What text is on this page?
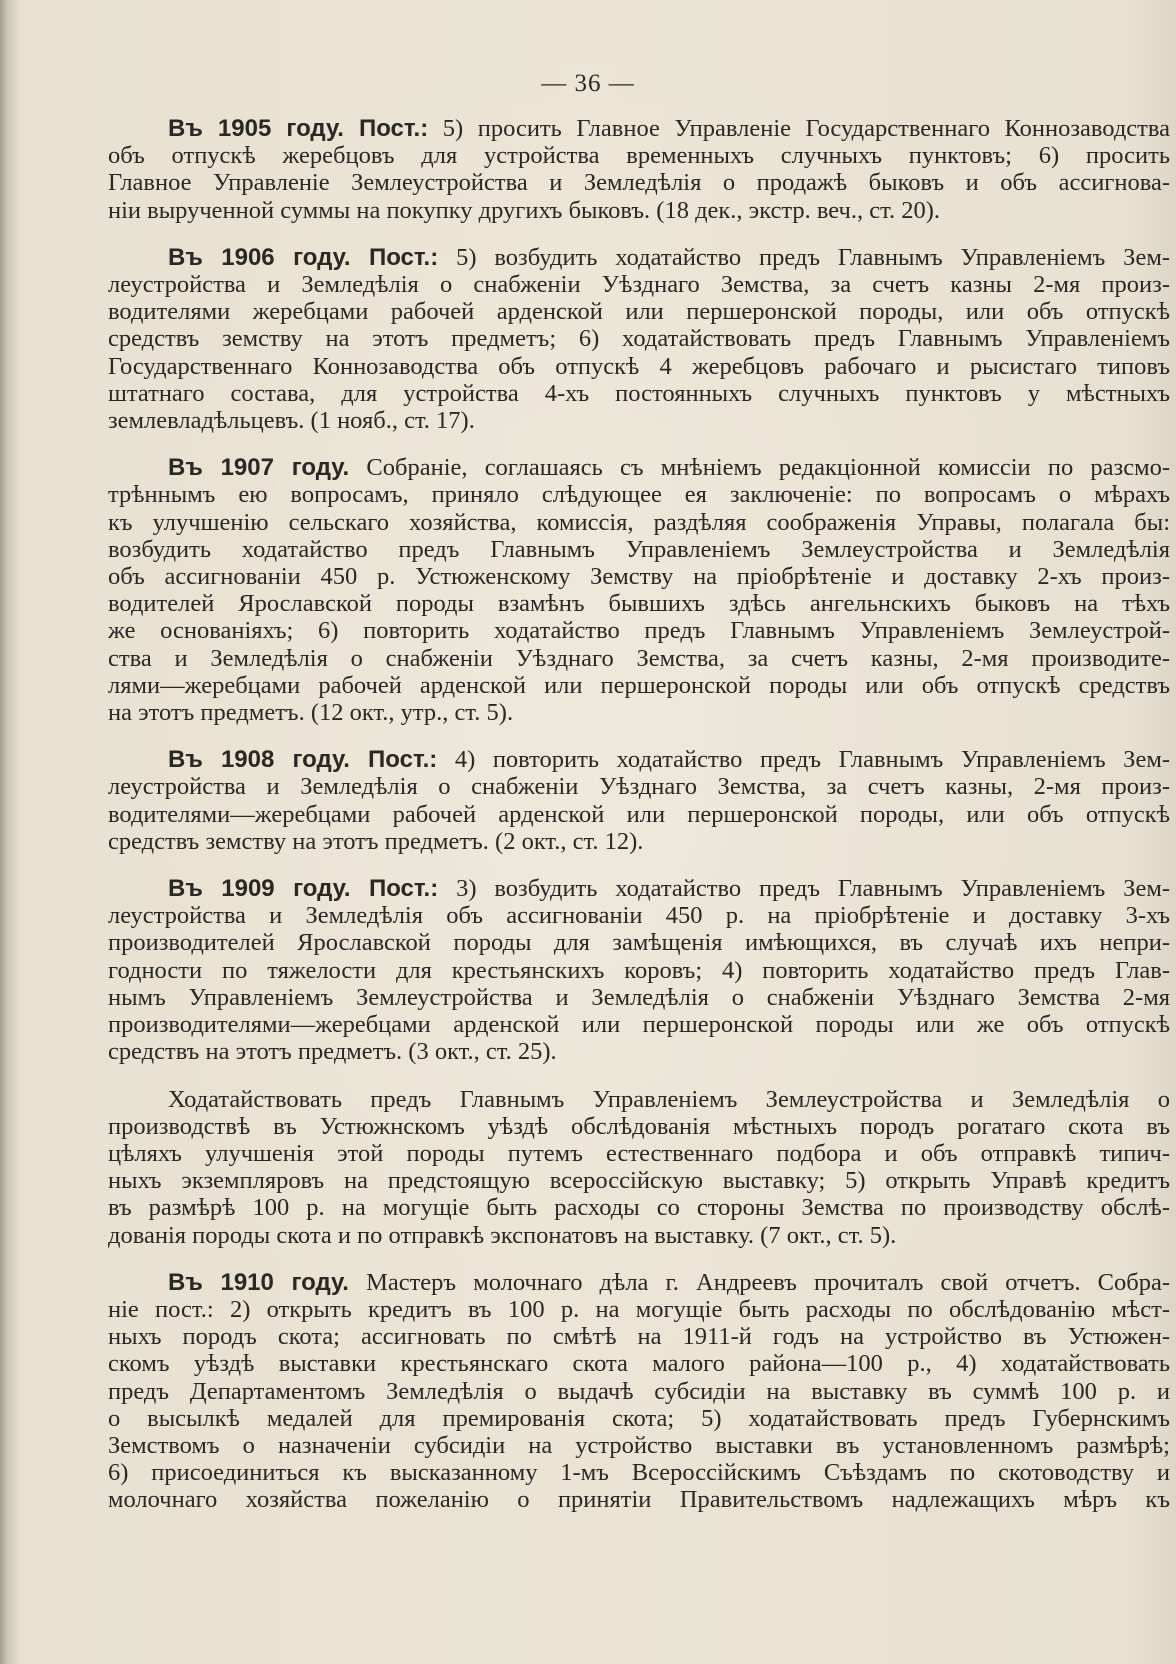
— 36 —
Въ 1905 году. Пост.: 5) просить Главное Управленіе Государственнаго Коннозаводства
объ отпускѣ жеребцовъ для устройства временныхъ случныхъ пунктовъ; 6) просить
Главное Управленіе Землеустройства и Земледѣлія о продажѣ быковъ и объ ассигнова-
ніи вырученной суммы на покупку другихъ быковъ. (18 дек., экстр. веч., ст. 20).
Въ 1906 году. Пост.: 5) возбудить ходатайство предъ Главнымъ Управленіемъ Зем-
леустройства и Земледѣлія о снабженіи Уѣзднаго Земства, за счетъ казны 2-мя произ-
водителями жеребцами рабочей арденской или першеронской породы, или объ отпускѣ
средствъ земству на этотъ предметъ; 6) ходатайствовать предъ Главнымъ Управленіемъ
Государственнаго Коннозаводства объ отпускѣ 4 жеребцовъ рабочаго и рысистаго типовъ
штатнаго состава, для устройства 4-хъ постоянныхъ случныхъ пунктовъ у мѣстныхъ
землевладѣльцевъ. (1 нояб., ст. 17).
Въ 1907 году. Собраніе, соглашаясь съ мнѣніемъ редакціонной комиссіи по разсмо-
трѣннымъ ею вопросамъ, приняло слѣдующее ея заключеніе: по вопросамъ о мѣрахъ
къ улучшенію сельскаго хозяйства, комиссія, раздѣляя соображенія Управы, полагала бы:
возбудить ходатайство предъ Главнымъ Управленіемъ Землеустройства и Земледѣлія
объ ассигнованіи 450 р. Устюженскому Земству на пріобрѣтеніе и доставку 2-хъ произ-
водителей Ярославской породы взамѣнъ бывшихъ здѣсь ангельнскихъ быковъ на тѣхъ
же основаніяхъ; 6) повторить ходатайство предъ Главнымъ Управленіемъ Землеустрой-
ства и Земледѣлія о снабженіи Уѣзднаго Земства, за счетъ казны, 2-мя производите-
лями—жеребцами рабочей арденской или першеронской породы или объ отпускѣ средствъ
на этотъ предметъ. (12 окт., утр., ст. 5).
Въ 1908 году. Пост.: 4) повторить ходатайство предъ Главнымъ Управленіемъ Зем-
леустройства и Земледѣлія о снабженіи Уѣзднаго Земства, за счетъ казны, 2-мя произ-
водителями—жеребцами рабочей арденской или першеронской породы, или объ отпускѣ
средствъ земству на этотъ предметъ. (2 окт., ст. 12).
Въ 1909 году. Пост.: 3) возбудить ходатайство предъ Главнымъ Управленіемъ Зем-
леустройства и Земледѣлія объ ассигнованіи 450 р. на пріобрѣтеніе и доставку 3-хъ
производителей Ярославской породы для замѣщенія имѣющихся, въ случаѣ ихъ непри-
годности по тяжелости для крестьянскихъ коровъ; 4) повторить ходатайство предъ Глав-
нымъ Управленіемъ Землеустройства и Земледѣлія о снабженіи Уѣзднаго Земства 2-мя
производителями—жеребцами арденской или першеронской породы или же объ отпускѣ
средствъ на этотъ предметъ. (3 окт., ст. 25).
Ходатайствовать предъ Главнымъ Управленіемъ Землеустройства и Земледѣлія о
производствѣ въ Устюжнскомъ уѣздѣ обслѣдованія мѣстныхъ породъ рогатаго скота въ
цѣляхъ улучшенія этой породы путемъ естественнаго подбора и объ отправкѣ типич-
ныхъ экземпляровъ на предстоящую всероссійскую выставку; 5) открыть Управѣ кредитъ
въ размѣрѣ 100 р. на могущіе быть расходы со стороны Земства по производству обслѣ-
дованія породы скота и по отправкѣ экспонатовъ на выставку. (7 окт., ст. 5).
Въ 1910 году. Мастеръ молочнаго дѣла г. Андреевъ прочиталъ свой отчетъ. Собра-
ніе пост.: 2) открыть кредитъ въ 100 р. на могущіе быть расходы по обслѣдованію мѣст-
ныхъ породъ скота; ассигновать по смѣтѣ на 1911-й годъ на устройство въ Устюжен-
скомъ уѣздѣ выставки крестьянскаго скота малого района—100 р., 4) ходатайствовать
предъ Департаментомъ Земледѣлія о выдачѣ субсидіи на выставку въ суммѣ 100 р. и
о высылкѣ медалей для премированія скота; 5) ходатайствовать предъ Губернскимъ
Земствомъ о назначеніи субсидіи на устройство выставки въ установленномъ размѣрѣ;
6) присоединиться къ высказанному 1-мъ Всероссійскимъ Съѣздамъ по скотоводству и
молочнаго хозяйства пожеланію о принятіи Правительствомъ надлежащихъ мѣръ къ
